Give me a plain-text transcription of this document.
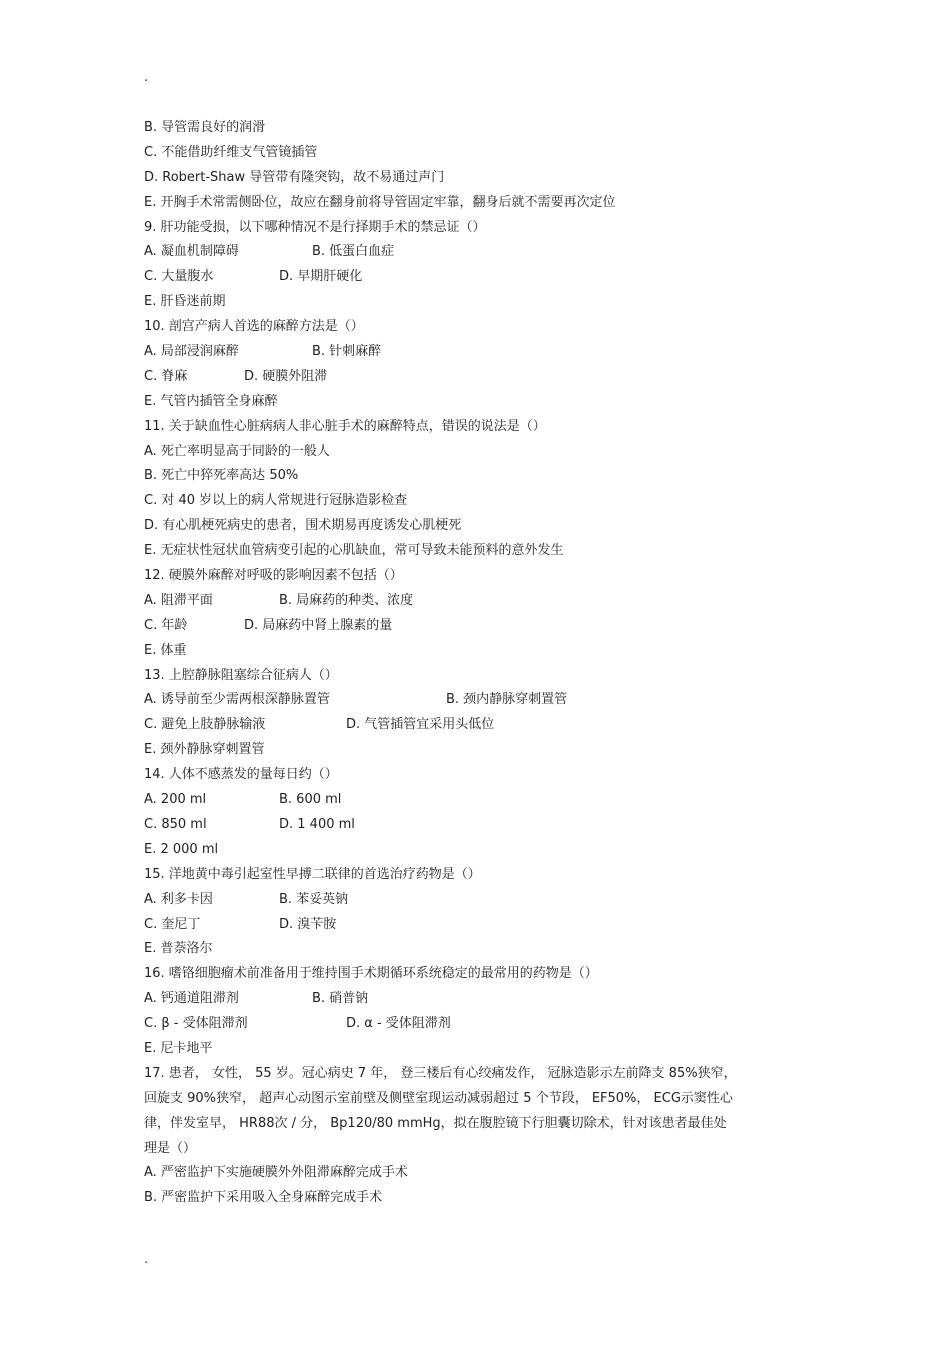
.
B. 导管需良好的润滑
C. 不能借助纤维支气管镜插管
D. Robert-Shaw 导管带有隆突钩，故不易通过声门
E. 开胸手术常需侧卧位，故应在翻身前将导管固定牢靠，翻身后就不需要再次定位
9. 肝功能受损，以下哪种情况不是行择期手术的禁忌证（）
A. 凝血机制障碍	B. 低蛋白血症
C. 大量腹水	D. 早期肝硬化
E. 肝昏迷前期
10. 剖宫产病人首选的麻醉方法是（）
A. 局部浸润麻醉	B. 针刺麻醉
C. 脊麻	D. 硬膜外阻滞
E. 气管内插管全身麻醉
11. 关于缺血性心脏病病人非心脏手术的麻醉特点，错误的说法是（）
A. 死亡率明显高于同龄的一般人
B. 死亡中猝死率高达 50%
C. 对 40 岁以上的病人常规进行冠脉造影检查
D. 有心肌梗死病史的患者，围术期易再度诱发心肌梗死
E. 无症状性冠状血管病变引起的心肌缺血，常可导致未能预料的意外发生
12. 硬膜外麻醉对呼吸的影响因素不包括（）
A. 阻滞平面	B. 局麻药的种类、浓度
C. 年龄	D. 局麻药中肾上腺素的量
E. 体重
13. 上腔静脉阻塞综合征病人（）
A. 诱导前至少需两根深静脉置管	B. 颈内静脉穿刺置管
C. 避免上肢静脉输液	D. 气管插管宜采用头低位
E. 颈外静脉穿刺置管
14. 人体不感蒸发的量每日约（）
A. 200 ml	B. 600 ml
C. 850 ml	D. 1 400 ml
E. 2 000 ml
15. 洋地黄中毒引起室性早搏二联律的首选治疗药物是（）
A. 利多卡因	B. 苯妥英钠
C. 奎尼丁	D. 溴苄胺
E. 普萘洛尔
16. 嗜铬细胞瘤术前准备用于维持围手术期循环系统稳定的最常用的药物是（）
A. 钙通道阻滞剂	B. 硝普钠
C. β - 受体阻滞剂	D. α - 受体阻滞剂
E. 尼卡地平
17. 患者， 女性， 55 岁。冠心病史 7 年， 登三楼后有心绞痛发作， 冠脉造影示左前降支 85%狭窄，
回旋支 90%狭窄， 超声心动图示室前壁及侧壁室现运动减弱超过 5 个节段， EF50%， ECG示窦性心
律，伴发室早， HR88次 / 分， Bp120/80 mmHg，拟在腹腔镜下行胆囊切除术，针对该患者最佳处
理是（）
A. 严密监护下实施硬膜外外阻滞麻醉完成手术
B. 严密监护下采用吸入全身麻醉完成手术
.
